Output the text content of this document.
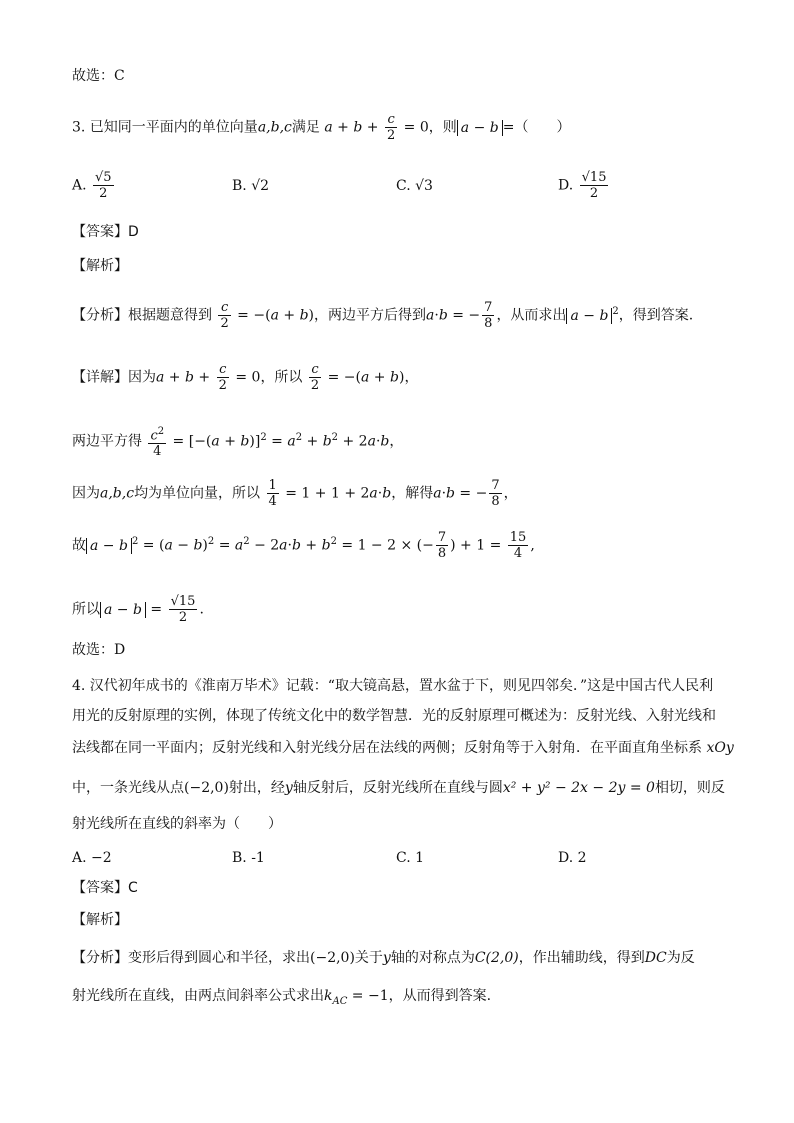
故选：C
3. 已知同一平面内的单位向量a,b,c满足 $a + b + \frac{c}{2} = 0$，则 a − b =（　　）
A. $\frac{√5}{2}$	B. √2	C. √3	D. $\frac{√15}{2}$
【答案】D
【解析】
【分析】根据题意得到 $\frac{c}{2} = -(a + b)$，两边平方后得到a·b = − $\frac{7}{8}$ ，从而求出 a − b $^2$，得到答案.
【详解】因为$a + b + \frac{c}{2} = 0$，所以 $\frac{c}{2} = -(a + b)$，
两边平方得 $\frac{c^2}{4} = [-(a + b)]^2 = a^2 + b^2 + 2a\cdot b$，
因为a,b,c均为单位向量，所以 $\frac{1}{4} = 1 + 1 + 2a\cdot b$，解得a·b = − $\frac{7}{8}$ ，
故 a − b $^2 = (a - b)^2 = a^2 - 2a\cdot b + b^2 = 1 - 2$ × (− $\frac{7}{8}$ ) + $1 = \frac{15}{4}$ ,
所以 $a - b = \frac{√15}{2}$ .
故选：D
4. 汉代初年成书的《淮南万毕术》记载：“取大镜高悬，置水盆于下，则见四邻矣．”这是中国古代人民利
用光的反射原理的实例，体现了传统文化中的数学智慧．光的反射原理可概述为：反射光线、入射光线和
法线都在同一平面内；反射光线和入射光线分居在法线的两侧；反射角等于入射角．在平面直角坐标系 xOy
中，一条光线从点(−2,0)射出，经y轴反射后，反射光线所在直线与圆x² + y² − 2x − 2y = 0相切，则反
射光线所在直线的斜率为（　　）
A. −2	B. -1	C. 1	D. 2
【答案】C
【解析】
【分析】变形后得到圆心和半径，求出(−2,0)关于y轴的对称点为C(2,0)，作出辅助线，得到DC为反
射光线所在直线，由两点间斜率公式求出$k_{AC} = -1$，从而得到答案.
